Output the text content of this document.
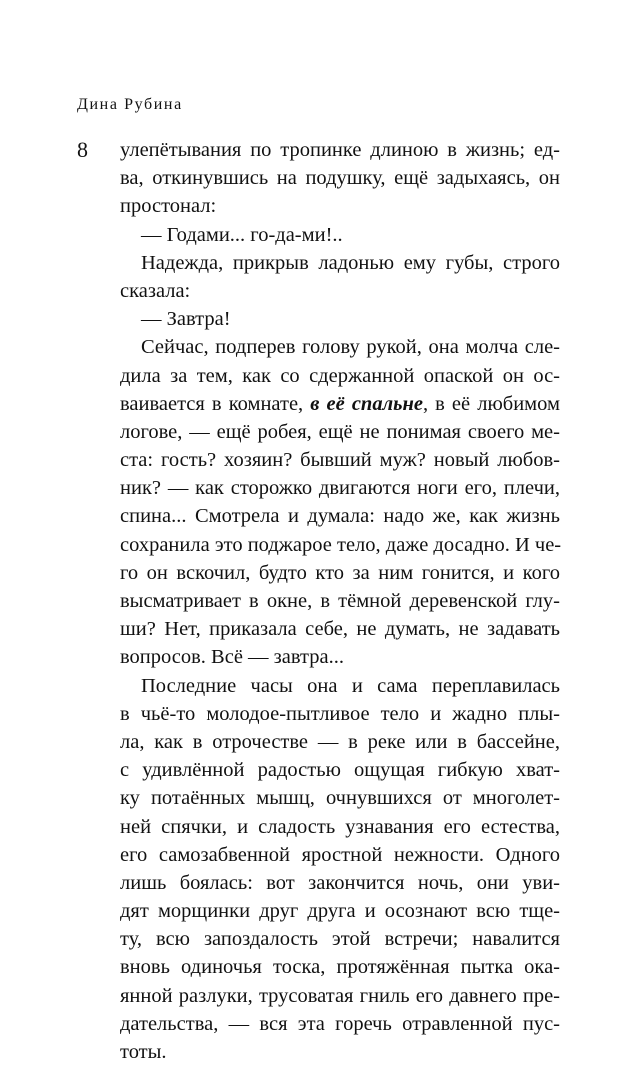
Дина Рубина
8 улепётывания по тропинке длиною в жизнь; ед-
ва, откинувшись на подушку, ещё задыхаясь, он
простонал:
— Годами... го-да-ми!..
Надежда, прикрыв ладонью ему губы, строго
сказала:
— Завтра!
Сейчас, подперев голову рукой, она молча сле-
дила за тем, как со сдержанной опаской он ос-
ваивается в комнате, в её спальне, в её любимом
логове, — ещё робея, ещё не понимая своего ме-
ста: гость? хозяин? бывший муж? новый любов-
ник? — как сторожко двигаются ноги его, плечи,
спина... Смотрела и думала: надо же, как жизнь
сохранила это поджарое тело, даже досадно. И че-
го он вскочил, будто кто за ним гонится, и кого
высматривает в окне, в тёмной деревенской глу-
ши? Нет, приказала себе, не думать, не задавать
вопросов. Всё — завтра...
Последние часы она и сама переплавилась
в чьё-то молодое-пытливое тело и жадно плы-
ла, как в отрочестве — в реке или в бассейне,
с удивлённой радостью ощущая гибкую хват-
ку потаённых мышц, очнувшихся от многолет-
ней спячки, и сладость узнавания его естества,
его самозабвенной яростной нежности. Одного
лишь боялась: вот закончится ночь, они уви-
дят морщинки друг друга и осознают всю тще-
ту, всю запоздалость этой встречи; навалится
вновь одиночья тоска, протяжённая пытка ока-
янной разлуки, трусоватая гниль его давнего пре-
дательства, — вся эта горечь отравленной пус-
тоты.
